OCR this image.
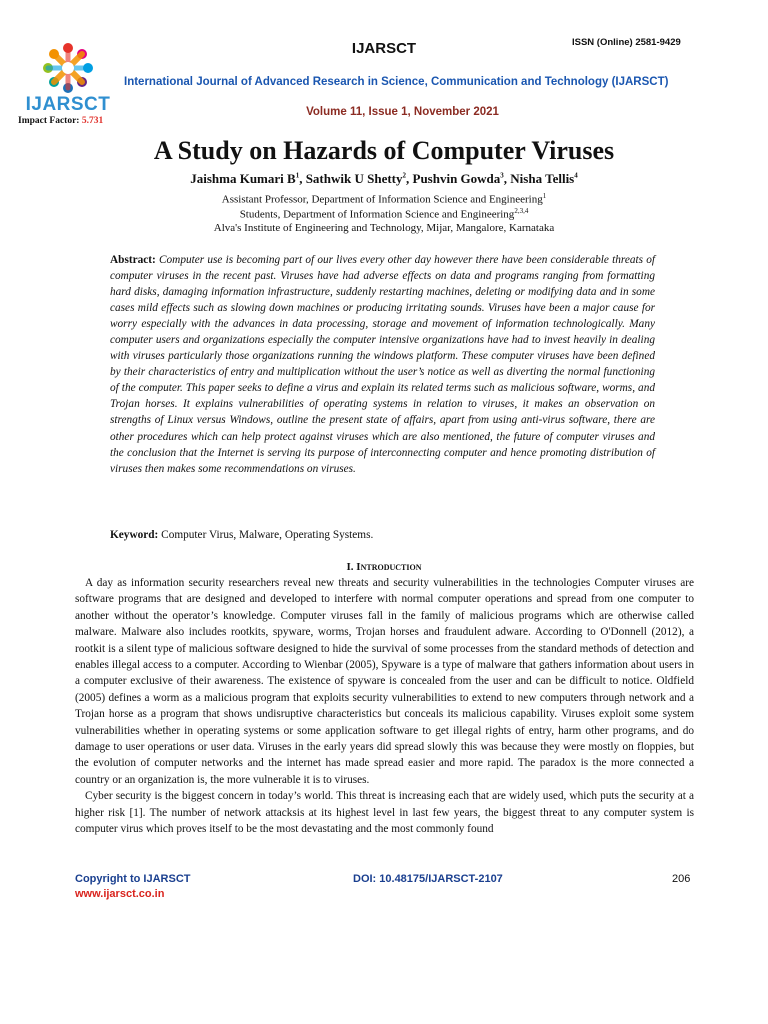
IJARSCT
Impact Factor: 5.731
IJARSCT	ISSN (Online) 2581-9429
International Journal of Advanced Research in Science, Communication and Technology (IJARSCT)
Volume 11, Issue 1, November 2021
A Study on Hazards of Computer Viruses
Jaishma Kumari $B^1$, Sathwik U Shetty$^2$, Pushvin Gowda$^3$, Nisha Tellis$^4$
Assistant Professor, Department of Information Science and Engineering$^1$
Students, Department of Information Science and Engineering$^{2,3,4}$
Alva's Institute of Engineering and Technology, Mijar, Mangalore, Karnataka
Abstract: Computer use is becoming part of our lives every other day however there have been considerable threats of computer viruses in the recent past. Viruses have had adverse effects on data and programs ranging from formatting hard disks, damaging information infrastructure, suddenly restarting machines, deleting or modifying data and in some cases mild effects such as slowing down machines or producing irritating sounds. Viruses have been a major cause for worry especially with the advances in data processing, storage and movement of information technologically. Many computer users and organizations especially the computer intensive organizations have had to invest heavily in dealing with viruses particularly those organizations running the windows platform. These computer viruses have been defined by their characteristics of entry and multiplication without the user’s notice as well as diverting the normal functioning of the computer. This paper seeks to define a virus and explain its related terms such as malicious software, worms, and Trojan horses. It explains vulnerabilities of operating systems in relation to viruses, it makes an observation on strengths of Linux versus Windows, outline the present state of affairs, apart from using anti-virus software, there are other procedures which can help protect against viruses which are also mentioned, the future of computer viruses and the conclusion that the Internet is serving its purpose of interconnecting computer and hence promoting distribution of viruses then makes some recommendations on viruses.
Keyword: Computer Virus, Malware, Operating Systems.
I. Introduction

A day as information security researchers reveal new threats and security vulnerabilities in the technologies Computer viruses are software programs that are designed and developed to interfere with normal computer operations and spread from one computer to another without the operator’s knowledge. Computer viruses fall in the family of malicious programs which are otherwise called malware. Malware also includes rootkits, spyware, worms, Trojan horses and fraudulent adware. According to O'Donnell (2012), a rootkit is a silent type of malicious software designed to hide the survival of some processes from the standard methods of detection and enables illegal access to a computer. According to Wienbar (2005), Spyware is a type of malware that gathers information about users in a computer exclusive of their awareness. The existence of spyware is concealed from the user and can be difficult to notice. Oldfield (2005) defines a worm as a malicious program that exploits security vulnerabilities to extend to new computers through network and a Trojan horse as a program that shows undisruptive characteristics but conceals its malicious capability. Viruses exploit some system vulnerabilities whether in operating systems or some application software to get illegal rights of entry, harm other programs, and do damage to user operations or user data. Viruses in the early years did spread slowly this was because they were mostly on floppies, but the evolution of computer networks and the internet has made spread easier and more rapid. The paradox is the more connected a country or an organization is, the more vulnerable it is to viruses.

Cyber security is the biggest concern in today’s world. This threat is increasing each that are widely used, which puts the security at a higher risk [1]. The number of network attacksis at its highest level in last few years, the biggest threat to any computer system is computer virus which proves itself to be the most devastating and the most commonly found

Copyright to IJARSCT
www.ijarsct.co.in
DOI: 10.48175/IJARSCT-2107	206
